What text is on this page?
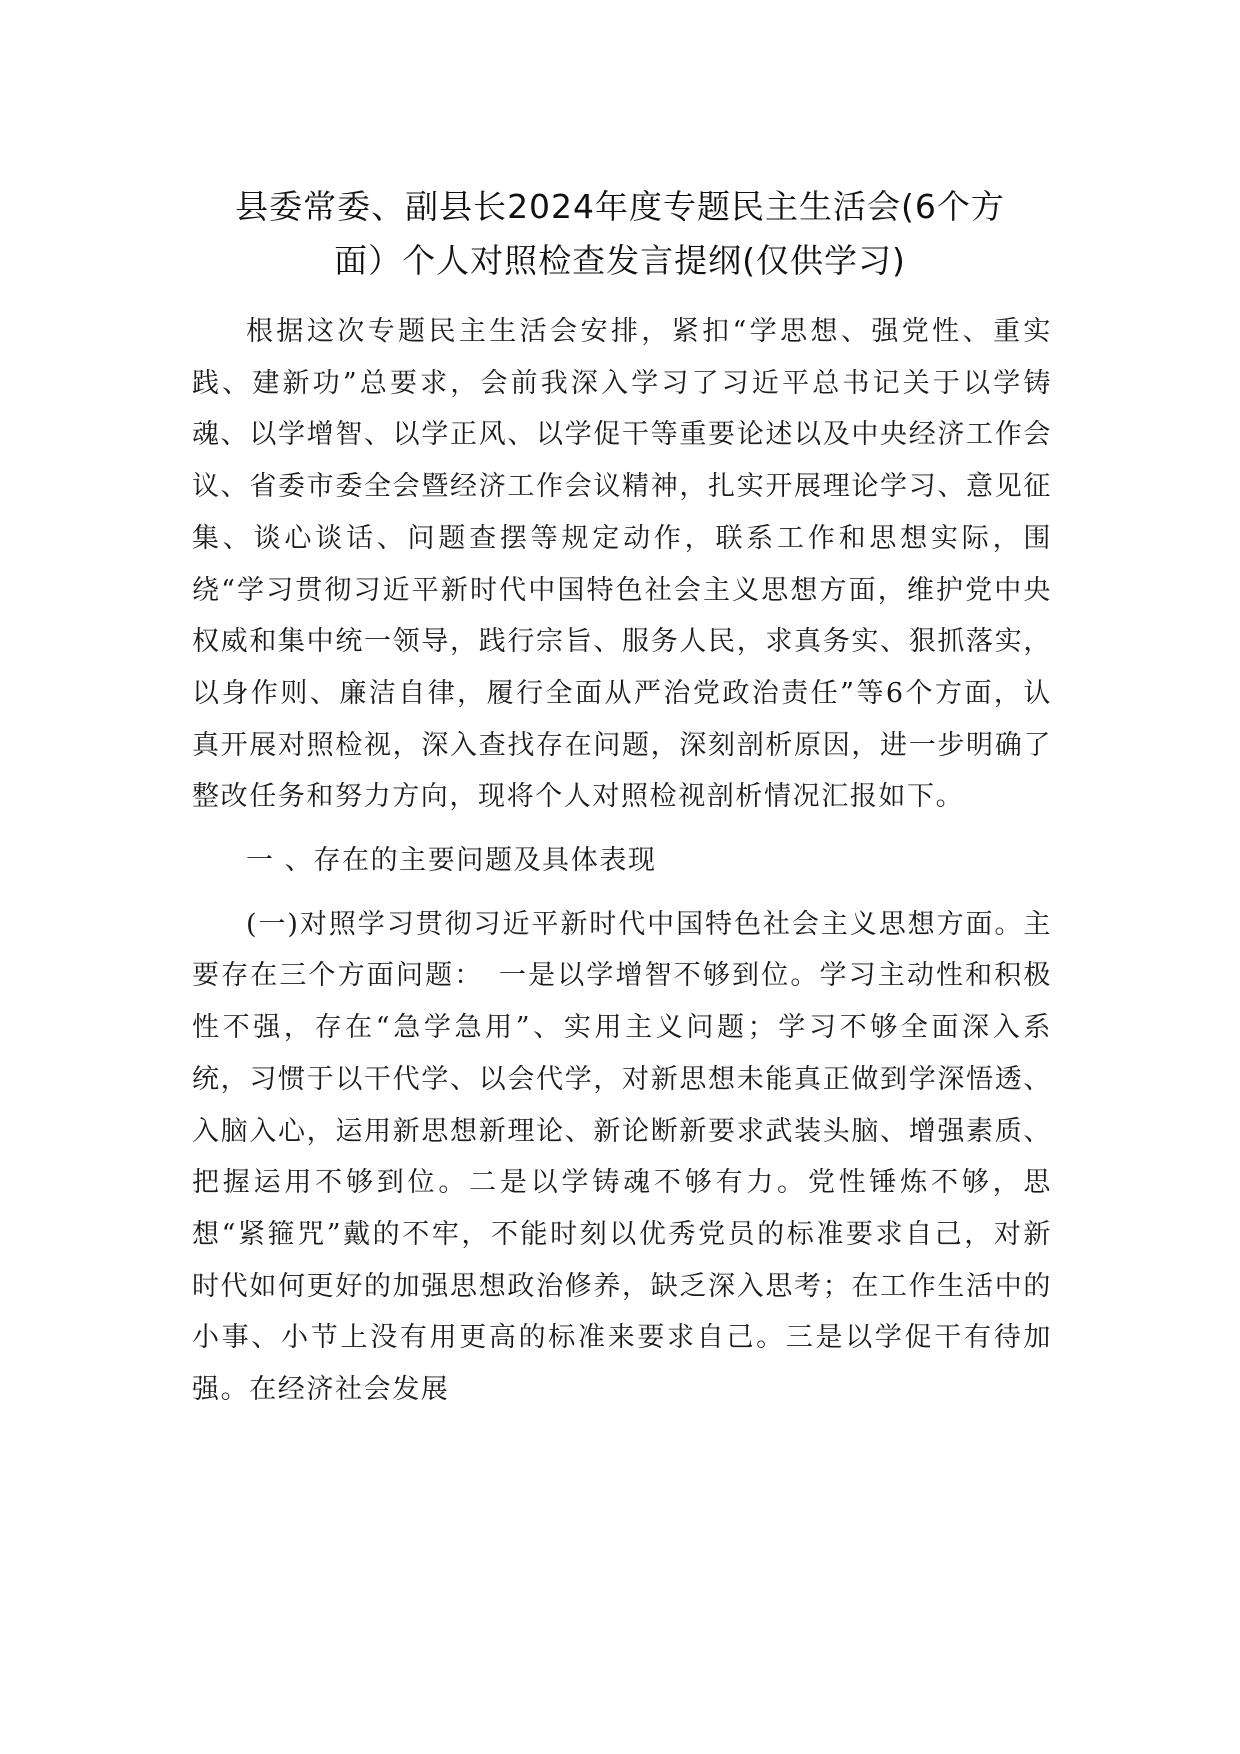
县委常委、副县长2024年度专题民主生活会(6个方
面）个人对照检查发言提纲(仅供学习)

根据这次专题民主生活会安排，紧扣“学思想、强党性、重实践、建新功”总要求，会前我深入学习了习近平总书记关于以学铸魂、以学增智、以学正风、以学促干等重要论述以及中央经济工作会议、省委市委全会暨经济工作会议精神，扎实开展理论学习、意见征集、谈心谈话、问题查摆等规定动作，联系工作和思想实际，围绕“学习贯彻习近平新时代中国特色社会主义思想方面，维护党中央权威和集中统一领导，践行宗旨、服务人民，求真务实、狠抓落实，以身作则、廉洁自律，履行全面从严治党政治责任”等6个方面，认真开展对照检视，深入查找存在问题，深刻剖析原因，进一步明确了整改任务和努力方向，现将个人对照检视剖析情况汇报如下。

一 、存在的主要问题及具体表现

(一)对照学习贯彻习近平新时代中国特色社会主义思想方面。主要存在三个方面问题：　一是以学增智不够到位。学习主动性和积极性不强，存在“急学急用”、实用主义问题；学习不够全面深入系统，习惯于以干代学、以会代学，对新思想未能真正做到学深悟透、入脑入心，运用新思想新理论、新论断新要求武装头脑、增强素质、把握运用不够到位。二是以学铸魂不够有力。党性锤炼不够，思想“紧箍咒”戴的不牢，不能时刻以优秀党员的标准要求自己，对新时代如何更好的加强思想政治修养，缺乏深入思考；在工作生活中的小事、小节上没有用更高的标准来要求自己。三是以学促干有待加强。在经济社会发展
